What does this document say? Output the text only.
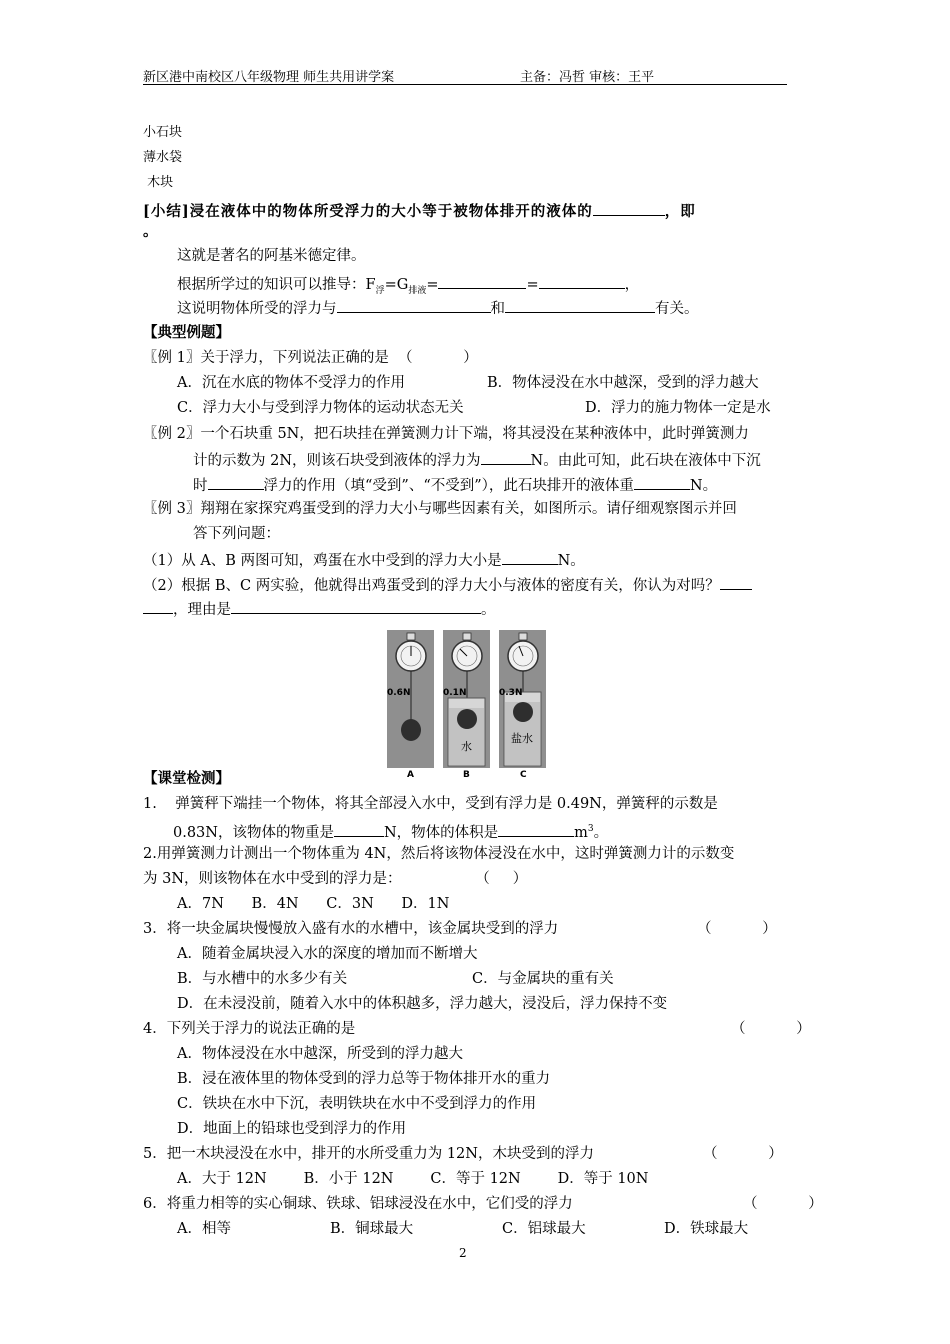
新区港中南校区八年级物理 师生共用讲学案	主备：冯哲 审核：王平
小石块
薄水袋
木块
[小结]浸在液体中的物体所受浮力的大小等于被物体排开的液体的	，即
。
这就是著名的阿基米德定律。
根据所学过的知识可以推导：$F_浮=G_{排液}=$	=	，
这说明物体所受的浮力与	和	有关。
【典型例题】
〖例 1〗关于浮力，下列说法正确的是  （           ）
A．沉在水底的物体不受浮力的作用	B．物体浸没在水中越深，受到的浮力越大
C．浮力大小与受到浮力物体的运动状态无关	D．浮力的施力物体一定是水
〖例 2〗一个石块重 5N，把石块挂在弹簧测力计下端，将其浸没在某种液体中，此时弹簧测力
计的示数为 2N，则该石块受到液体的浮力为	N。由此可知，此石块在液体中下沉
时	浮力的作用（填“受到”、“不受到”），此石块排开的液体重	N。
〖例 3〗翔翔在家探究鸡蛋受到的浮力大小与哪些因素有关，如图所示。请仔细观察图示并回
答下列问题：
（1）从 A、B 两图可知，鸡蛋在水中受到的浮力大小是	N。
（2）根据 B、C 两实验，他就得出鸡蛋受到的浮力大小与液体的密度有关，你认为对吗？
，理由是	。
0.6N	0.1N	0.3N
水
盐水
A	B	C
【课堂检测】
1.    弹簧秤下端挂一个物体，将其全部浸入水中，受到有浮力是 0.49N，弹簧秤的示数是
0.83N，该物体的物重是	N，物体的体积是	$m^3$。
2.用弹簧测力计测出一个物体重为 4N，然后将该物体浸没在水中，这时弹簧测力计的示数变
为 3N，则该物体在水中受到的浮力是：                （     ）
A．7N      B．4N      C．3N      D．1N
3．将一块金属块慢慢放入盛有水的水槽中，该金属块受到的浮力	（           ）
A．随着金属块浸入水的深度的增加而不断增大
B．与水槽中的水多少有关	C．与金属块的重有关
D．在未浸没前，随着入水中的体积越多，浮力越大，浸没后，浮力保持不变
4．下列关于浮力的说法正确的是	（           ）
A．物体浸没在水中越深，所受到的浮力越大
B．浸在液体里的物体受到的浮力总等于物体排开水的重力
C．铁块在水中下沉，表明铁块在水中不受到浮力的作用
D．地面上的铅球也受到浮力的作用
5．把一木块浸没在水中，排开的水所受重力为 12N，木块受到的浮力	（           ）
A．大于 12N        B．小于 12N        C．等于 12N        D．等于 10N
6．将重力相等的实心铜球、铁球、铝球浸没在水中，它们受的浮力	（           ）
A．相等	B．铜球最大	C．铝球最大	D．铁球最大
2
